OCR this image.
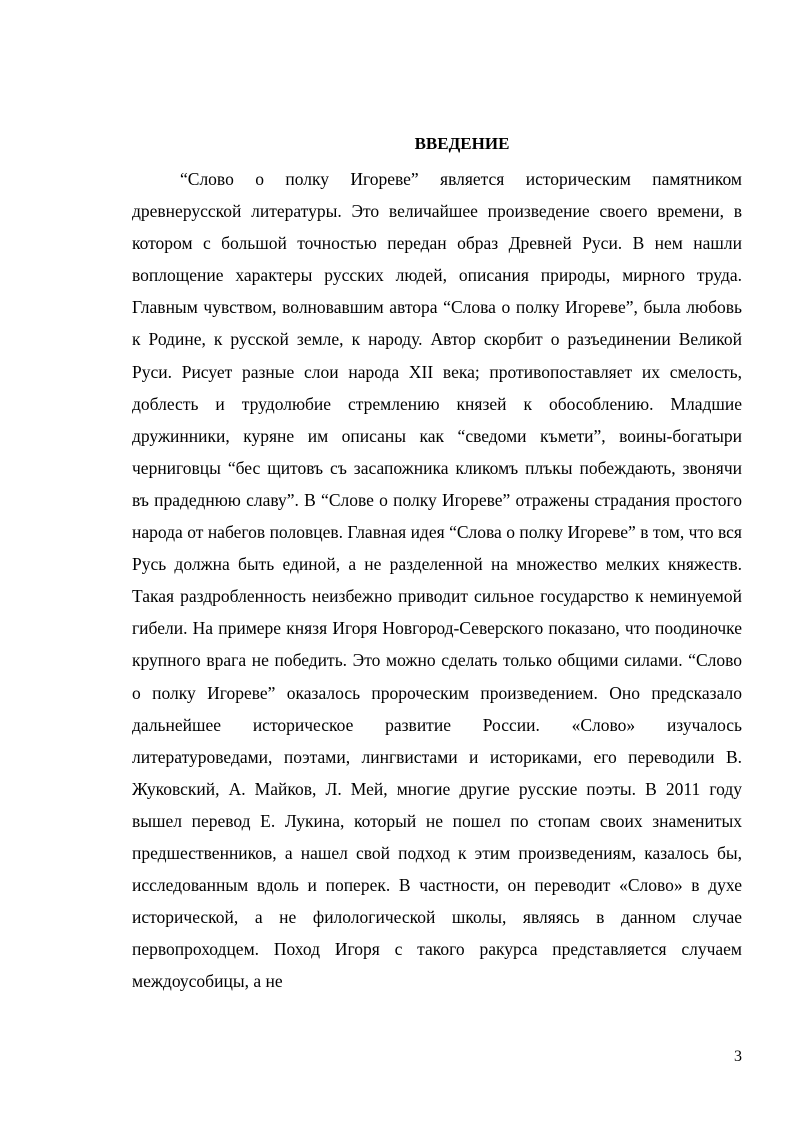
ВВЕДЕНИЕ

“Слово о полку Игореве” является историческим памятником древнерусской литературы. Это величайшее произведение своего времени, в котором с большой точностью передан образ Древней Руси. В нем нашли воплощение характеры русских людей, описания природы, мирного труда. Главным чувством, волновавшим автора “Слова о полку Игореве”, была любовь к Родине, к русской земле, к народу. Автор скорбит о разъединении Великой Руси. Рисует разные слои народа XII века; противопоставляет их смелость, доблесть и трудолюбие стремлению князей к обособлению. Младшие дружинники, куряне им описаны как “сведоми къмети”, воины-богатыри черниговцы “бес щитовъ съ засапожника кликомъ плъкы побеждають, звонячи въ прадеднюю славу”. В “Слове о полку Игореве” отражены страдания простого народа от набегов половцев. Главная идея “Слова о полку Игореве” в том, что вся Русь должна быть единой, а не разделенной на множество мелких княжеств. Такая раздробленность неизбежно приводит сильное государство к неминуемой гибели. На примере князя Игоря Новгород-Северского показано, что поодиночке крупного врага не победить. Это можно сделать только общими силами. “Слово о полку Игореве” оказалось пророческим произведением. Оно предсказало дальнейшее историческое развитие России. «Слово» изучалось литературоведами, поэтами, лингвистами и историками, его переводили В. Жуковский, А. Майков, Л. Мей, многие другие русские поэты. В 2011 году вышел перевод Е. Лукина, который не пошел по стопам своих знаменитых предшественников, а нашел свой подход к этим произведениям, казалось бы, исследованным вдоль и поперек. В частности, он переводит «Слово» в духе исторической, а не филологической школы, являясь в данном случае первопроходцем. Поход Игоря с такого ракурса представляется случаем междоусобицы, а не

3
